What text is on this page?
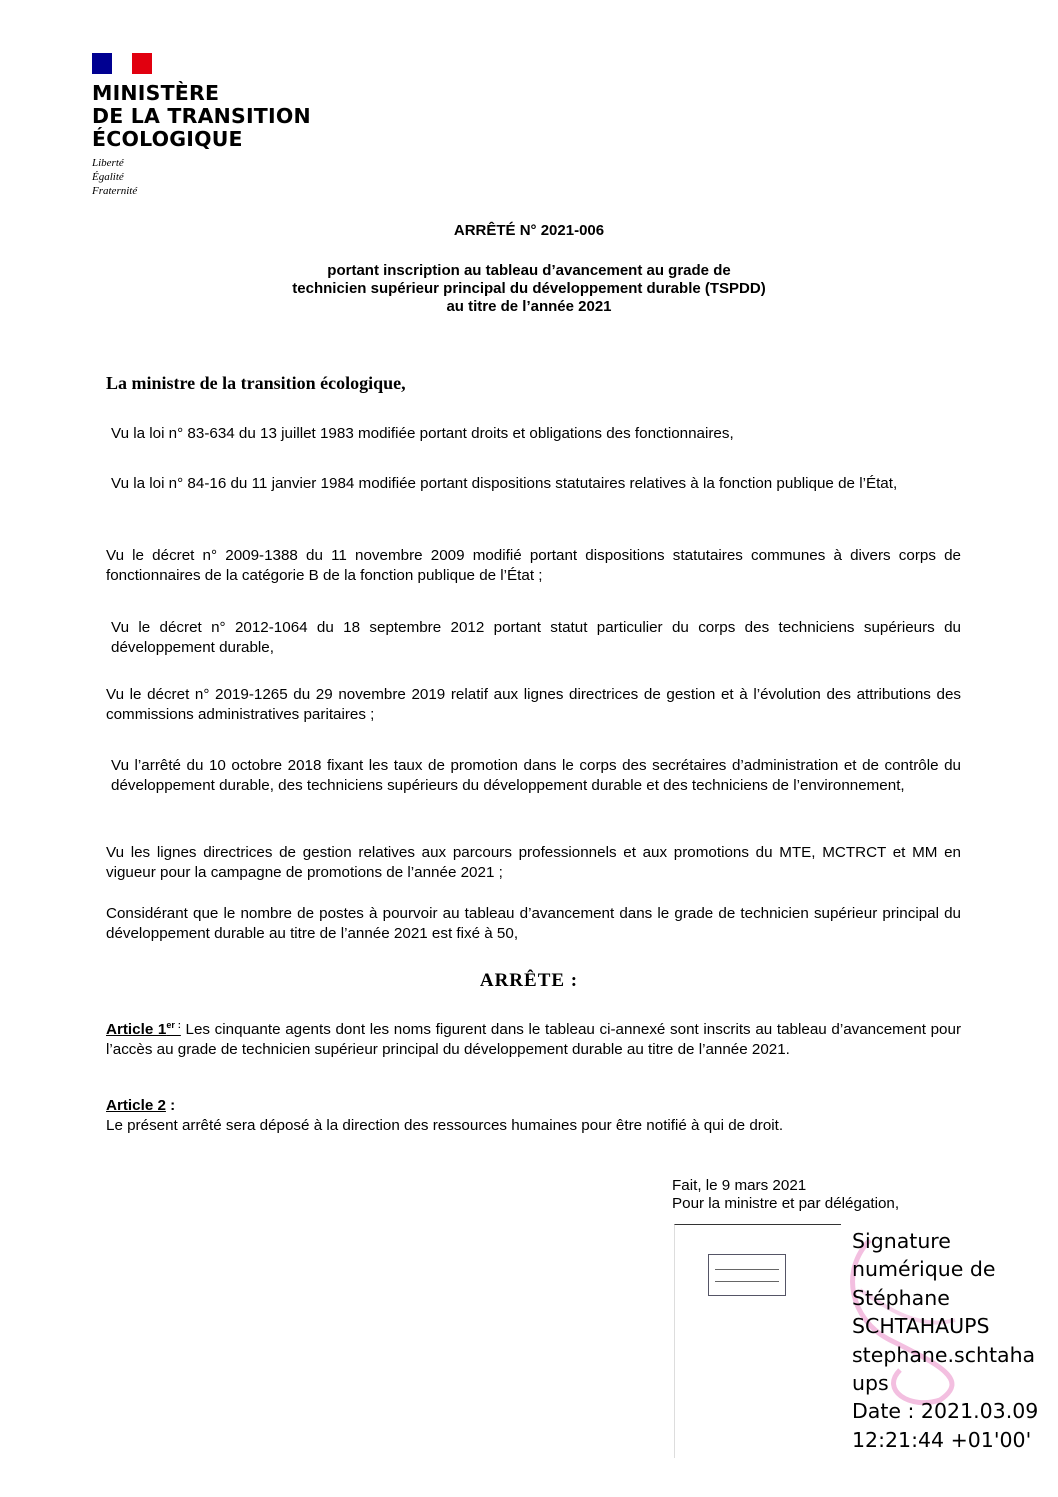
MINISTÈRE
DE LA TRANSITION
ÉCOLOGIQUE
Liberté
Égalité
Fraternité
ARRÊTÉ N° 2021-006
portant inscription au tableau d’avancement au grade de
technicien supérieur principal du développement durable (TSPDD)
au titre de l’année 2021
La ministre de la transition écologique,
Vu la loi n° 83-634 du 13 juillet 1983 modifiée portant droits et obligations des fonctionnaires,
Vu la loi n° 84-16 du 11 janvier 1984 modifiée portant dispositions statutaires relatives à la fonction publique de l’État,
Vu le décret n° 2009-1388 du 11 novembre 2009 modifié portant dispositions statutaires communes à divers corps de fonctionnaires de la catégorie B de la fonction publique de l’État ;
Vu le décret n° 2012-1064 du 18 septembre 2012 portant statut particulier du corps des techniciens supérieurs du développement durable,
Vu le décret n° 2019-1265 du 29 novembre 2019 relatif aux lignes directrices de gestion et à l’évolution des attributions des commissions administratives paritaires ;
Vu l’arrêté du 10 octobre 2018 fixant les taux de promotion dans le corps des secrétaires d’administration et de contrôle du développement durable, des techniciens supérieurs du développement durable et des techniciens de l’environnement,
Vu les lignes directrices de gestion relatives aux parcours professionnels et aux promotions du MTE, MCTRCT et MM en vigueur pour la campagne de promotions de l’année 2021 ;
Considérant que le nombre de postes à pourvoir au tableau d’avancement dans le grade de technicien supérieur principal du développement durable au titre de l’année 2021 est fixé à 50,
ARRÊTE :
Article $1^{er :}$ Les cinquante agents dont les noms figurent dans le tableau ci-annexé sont inscrits au tableau d’avancement pour l’accès au grade de technicien supérieur principal du développement durable au titre de l’année 2021.
Article 2 :
Le présent arrêté sera déposé à la direction des ressources humaines pour être notifié à qui de droit.
Fait, le 9 mars 2021
Pour la ministre et par délégation,
Signature
numérique de
Stéphane
SCHTAHAUPS
stephane.schtaha
ups
Date : 2021.03.09
12:21:44 +01'00'
